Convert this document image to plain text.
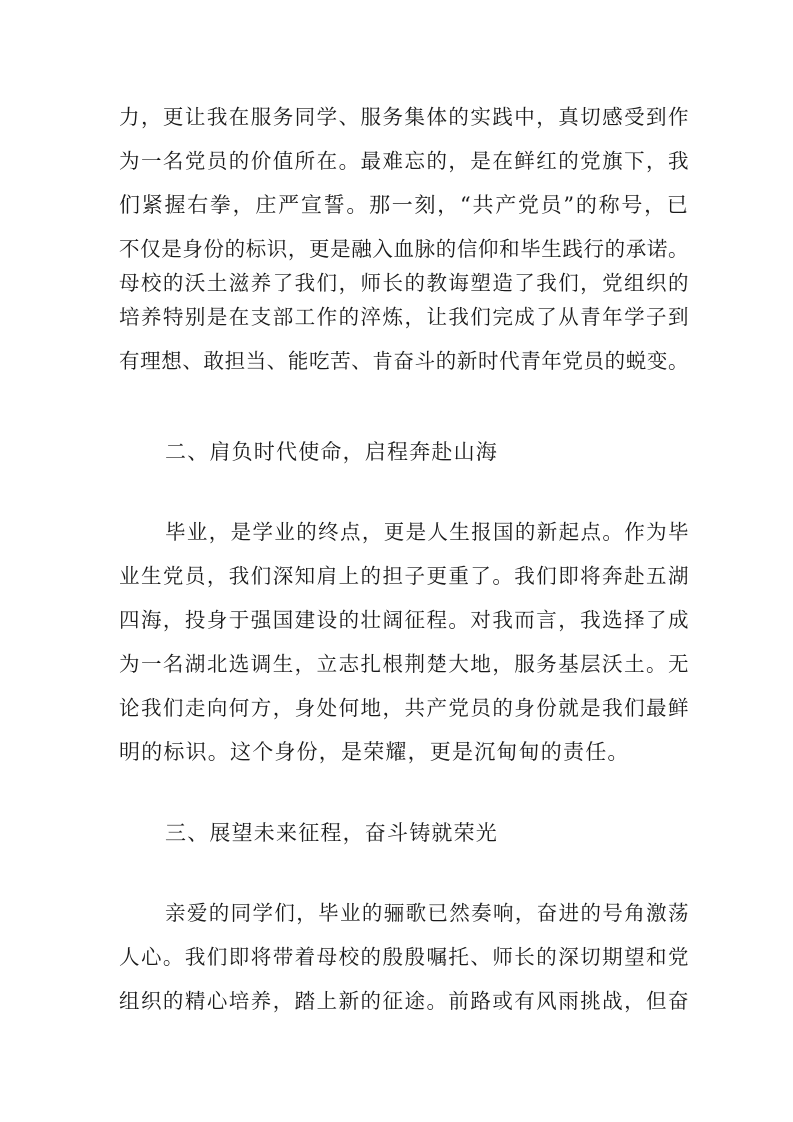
力，更让我在服务同学、服务集体的实践中，真切感受到作
为一名党员的价值所在。最难忘的，是在鲜红的党旗下，我
们紧握右拳，庄严宣誓。那一刻，“共产党员”的称号，已
不仅是身份的标识，更是融入血脉的信仰和毕生践行的承诺。
母校的沃土滋养了我们，师长的教诲塑造了我们，党组织的
培养特别是在支部工作的淬炼，让我们完成了从青年学子到
有理想、敢担当、能吃苦、肯奋斗的新时代青年党员的蜕变。
二、肩负时代使命，启程奔赴山海
毕业，是学业的终点，更是人生报国的新起点。作为毕
业生党员，我们深知肩上的担子更重了。我们即将奔赴五湖
四海，投身于强国建设的壮阔征程。对我而言，我选择了成
为一名湖北选调生，立志扎根荆楚大地，服务基层沃土。无
论我们走向何方，身处何地，共产党员的身份就是我们最鲜
明的标识。这个身份，是荣耀，更是沉甸甸的责任。
三、展望未来征程，奋斗铸就荣光
亲爱的同学们，毕业的骊歌已然奏响，奋进的号角激荡
人心。我们即将带着母校的殷殷嘱托、师长的深切期望和党
组织的精心培养，踏上新的征途。前路或有风雨挑战，但奋
